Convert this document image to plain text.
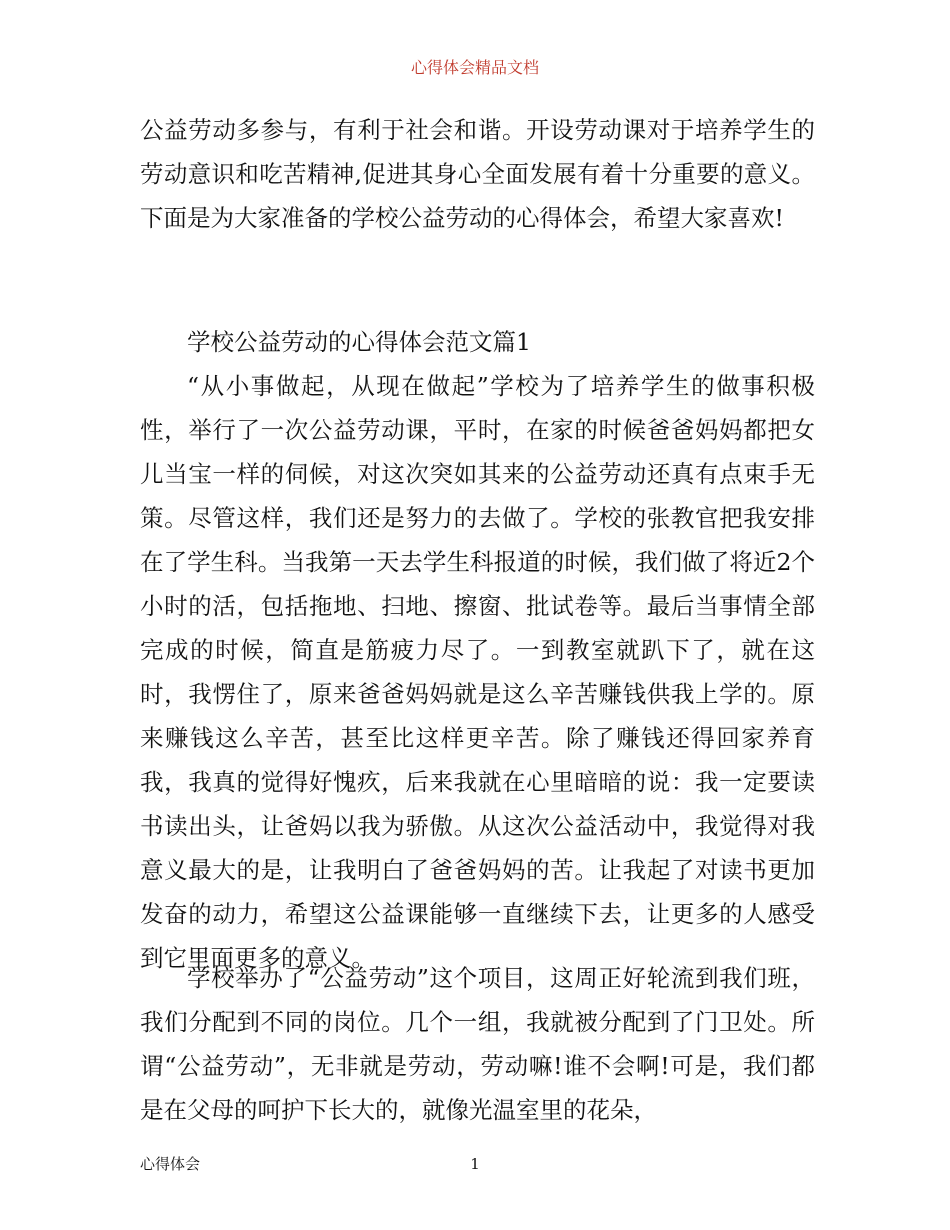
心得体会精品文档

公益劳动多参与，有利于社会和谐。开设劳动课对于培养学生的劳动意识和吃苦精神,促进其身心全面发展有着十分重要的意义。下面是为大家准备的学校公益劳动的心得体会，希望大家喜欢!

学校公益劳动的心得体会范文篇1

“从小事做起，从现在做起”学校为了培养学生的做事积极性，举行了一次公益劳动课，平时，在家的时候爸爸妈妈都把女儿当宝一样的伺候，对这次突如其来的公益劳动还真有点束手无策。尽管这样，我们还是努力的去做了。学校的张教官把我安排在了学生科。当我第一天去学生科报道的时候，我们做了将近2个小时的活，包括拖地、扫地、擦窗、批试卷等。最后当事情全部完成的时候，简直是筋疲力尽了。一到教室就趴下了，就在这时，我愣住了，原来爸爸妈妈就是这么辛苦赚钱供我上学的。原来赚钱这么辛苦，甚至比这样更辛苦。除了赚钱还得回家养育我，我真的觉得好愧疚，后来我就在心里暗暗的说：我一定要读书读出头，让爸妈以我为骄傲。从这次公益活动中，我觉得对我意义最大的是，让我明白了爸爸妈妈的苦。让我起了对读书更加发奋的动力，希望这公益课能够一直继续下去，让更多的人感受到它里面更多的意义。

学校举办了“公益劳动”这个项目，这周正好轮流到我们班，我们分配到不同的岗位。几个一组，我就被分配到了门卫处。所谓“公益劳动”，无非就是劳动，劳动嘛!谁不会啊!可是，我们都是在父母的呵护下长大的，就像光温室里的花朵，

心得体会	1
